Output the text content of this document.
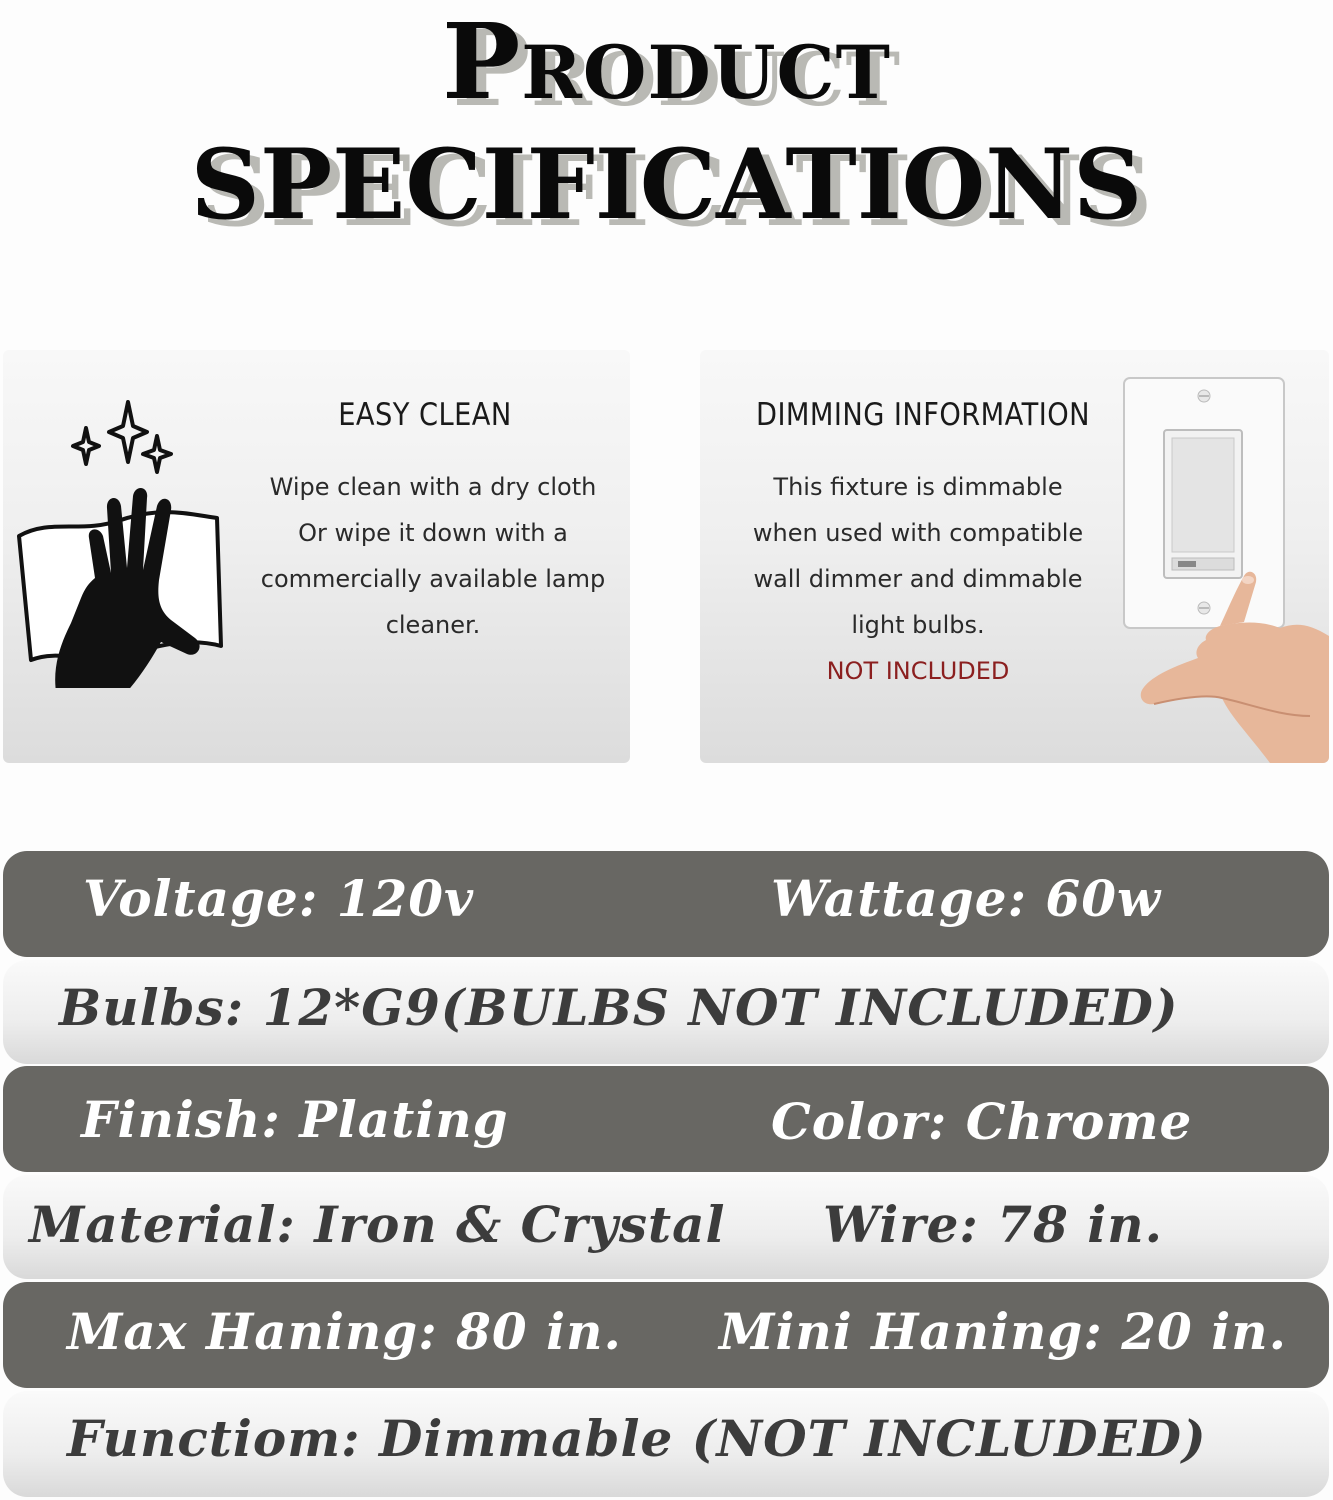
Product
SPECIFICATIONS
EASY CLEAN
Wipe clean with a dry cloth
Or wipe it down with a
commercially available lamp
cleaner.
DIMMING INFORMATION
This fixture is dimmable
when used with compatible
wall dimmer and dimmable
light bulbs.
NOT INCLUDED
Voltage: 120v	Wattage: 60w
Bulbs: 12*G9(BULBS NOT INCLUDED)
Finish: Plating	Color: Chrome
Material: Iron & Crystal Wire: 78 in.
Max Haning: 80 in. Mini Haning: 20 in.
Functiom: Dimmable (NOT INCLUDED)
